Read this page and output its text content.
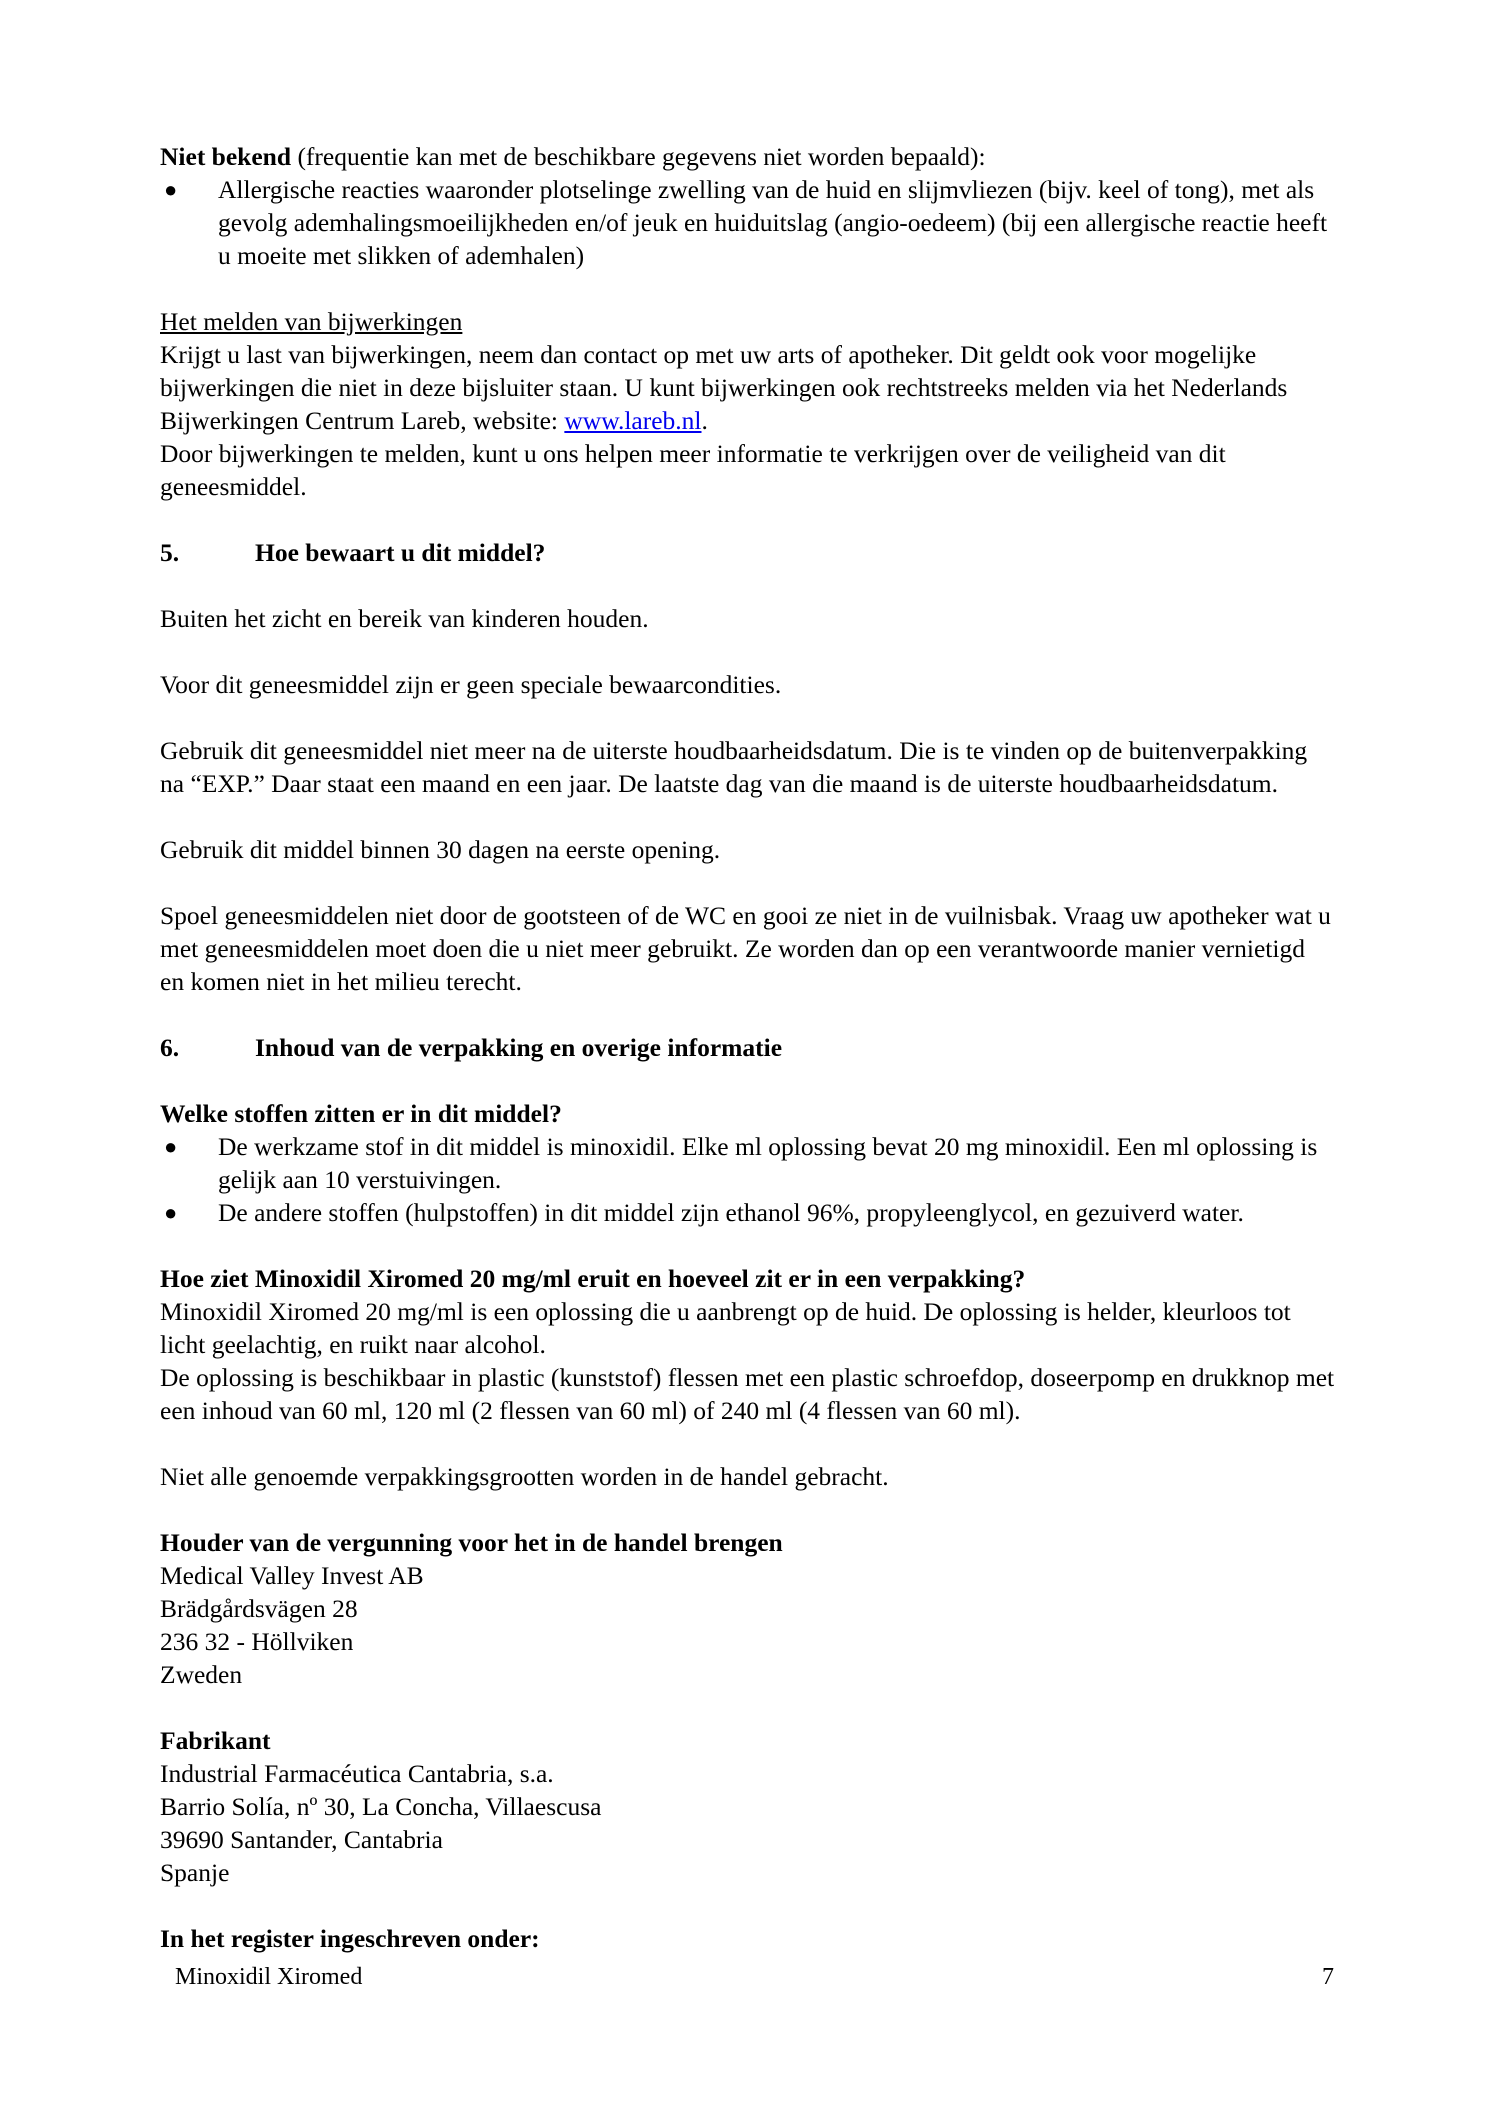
Niet bekend (frequentie kan met de beschikbare gegevens niet worden bepaald):

● Allergische reacties waaronder plotselinge zwelling van de huid en slijmvliezen (bijv. keel of tong), met als gevolg ademhalingsmoeilijkheden en/of jeuk en huiduitslag (angio-oedeem) (bij een allergische reactie heeft u moeite met slikken of ademhalen)

Het melden van bijwerkingen

Krijgt u last van bijwerkingen, neem dan contact op met uw arts of apotheker. Dit geldt ook voor mogelijke bijwerkingen die niet in deze bijsluiter staan. U kunt bijwerkingen ook rechtstreeks melden via het Nederlands Bijwerkingen Centrum Lareb, website: www.lareb.nl.

Door bijwerkingen te melden, kunt u ons helpen meer informatie te verkrijgen over de veiligheid van dit geneesmiddel.

5.	Hoe bewaart u dit middel?

Buiten het zicht en bereik van kinderen houden.

Voor dit geneesmiddel zijn er geen speciale bewaarcondities.

Gebruik dit geneesmiddel niet meer na de uiterste houdbaarheidsdatum. Die is te vinden op de buitenverpakking na “EXP.” Daar staat een maand en een jaar. De laatste dag van die maand is de uiterste houdbaarheidsdatum.

Gebruik dit middel binnen 30 dagen na eerste opening.

Spoel geneesmiddelen niet door de gootsteen of de WC en gooi ze niet in de vuilnisbak. Vraag uw apotheker wat u met geneesmiddelen moet doen die u niet meer gebruikt. Ze worden dan op een verantwoorde manier vernietigd en komen niet in het milieu terecht.

6.	Inhoud van de verpakking en overige informatie

Welke stoffen zitten er in dit middel?

● De werkzame stof in dit middel is minoxidil. Elke ml oplossing bevat 20 mg minoxidil. Een ml oplossing is gelijk aan 10 verstuivingen.
● De andere stoffen (hulpstoffen) in dit middel zijn ethanol 96%, propyleenglycol, en gezuiverd water.

Hoe ziet Minoxidil Xiromed 20 mg/ml eruit en hoeveel zit er in een verpakking?

Minoxidil Xiromed 20 mg/ml is een oplossing die u aanbrengt op de huid. De oplossing is helder, kleurloos tot licht geelachtig, en ruikt naar alcohol.

De oplossing is beschikbaar in plastic (kunststof) flessen met een plastic schroefdop, doseerpomp en drukknop met een inhoud van 60 ml, 120 ml (2 flessen van 60 ml) of 240 ml (4 flessen van 60 ml).

Niet alle genoemde verpakkingsgrootten worden in de handel gebracht.

Houder van de vergunning voor het in de handel brengen

Medical Valley Invest AB

Brädgårdsvägen 28

236 32 - Höllviken

Zweden

Fabrikant

Industrial Farmacéutica Cantabria, s.a.

Barrio Solía, nº 30, La Concha, Villaescusa

39690 Santander, Cantabria

Spanje

In het register ingeschreven onder:

Minoxidil Xiromed	7
